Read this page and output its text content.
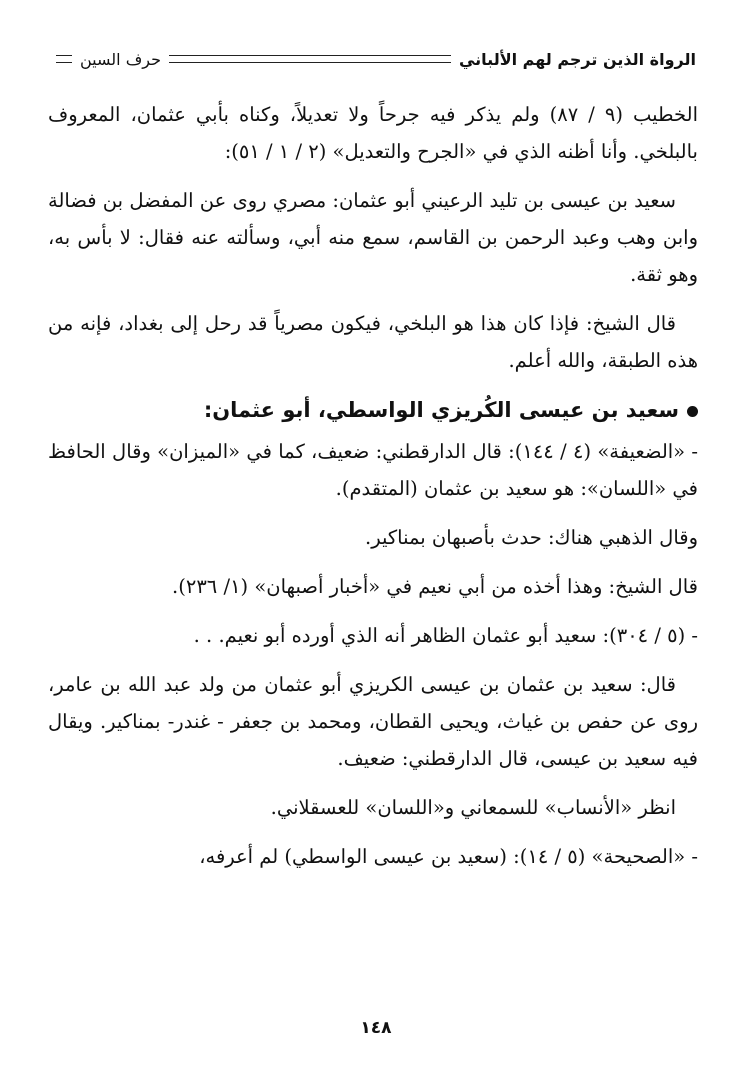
الرواة الذين ترجم لهم الألباني
حرف السين

الخطيب (٩ / ٨٧) ولم يذكر فيه جرحاً ولا تعديلاً، وكناه بأبي عثمان، المعروف بالبلخي. وأنا أظنه الذي في «الجرح والتعديل» (٢ / ١ / ٥١):

سعيد بن عيسى بن تليد الرعيني أبو عثمان: مصري روى عن المفضل بن فضالة وابن وهب وعبد الرحمن بن القاسم، سمع منه أبي، وسألته عنه فقال: لا بأس به، وهو ثقة.

قال الشيخ: فإذا كان هذا هو البلخي، فيكون مصرياً قد رحل إلى بغداد، فإنه من هذه الطبقة، والله أعلم.

سعيد بن عيسى الكُريزي الواسطي، أبو عثمان:

- «الضعيفة» (٤ / ١٤٤): قال الدارقطني: ضعيف، كما في «الميزان» وقال الحافظ في «اللسان»: هو سعيد بن عثمان (المتقدم).

وقال الذهبي هناك: حدث بأصبهان بمناكير.

قال الشيخ: وهذا أخذه من أبي نعيم في «أخبار أصبهان» (١/ ٢٣٦).

- (٥ / ٣٠٤): سعيد أبو عثمان الظاهر أنه الذي أورده أبو نعيم. . .

قال: سعيد بن عثمان بن عيسى الكريزي أبو عثمان من ولد عبد الله بن عامر، روى عن حفص بن غياث، ويحيى القطان، ومحمد بن جعفر - غندر- بمناكير. ويقال فيه سعيد بن عيسى، قال الدارقطني: ضعيف.

انظر «الأنساب» للسمعاني و«اللسان» للعسقلاني.

- «الصحيحة» (٥ / ١٤): (سعيد بن عيسى الواسطي) لم أعرفه،

١٤٨
